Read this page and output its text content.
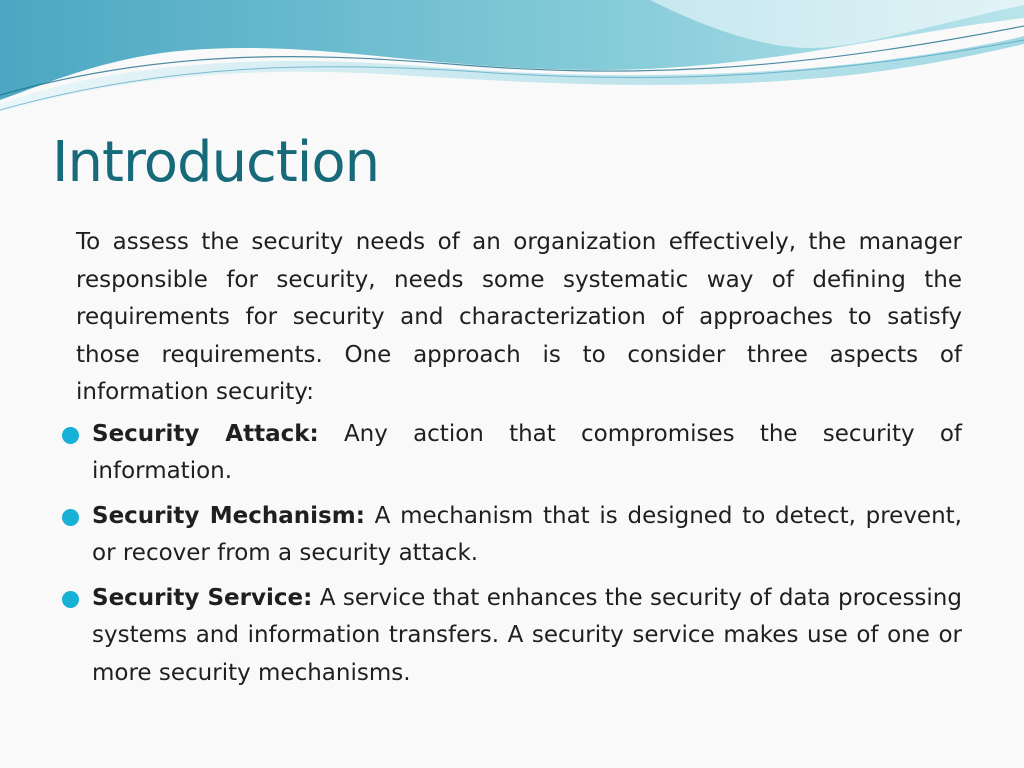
Introduction

To assess the security needs of an organization effectively, the manager responsible for security, needs some systematic way of defining the requirements for security and characterization of approaches to satisfy those requirements. One approach is to consider three aspects of information security:

Security Attack: Any action that compromises the security of information.
Security Mechanism: A mechanism that is designed to detect, prevent, or recover from a security attack.
Security Service: A service that enhances the security of data processing systems and information transfers. A security service makes use of one or more security mechanisms.
